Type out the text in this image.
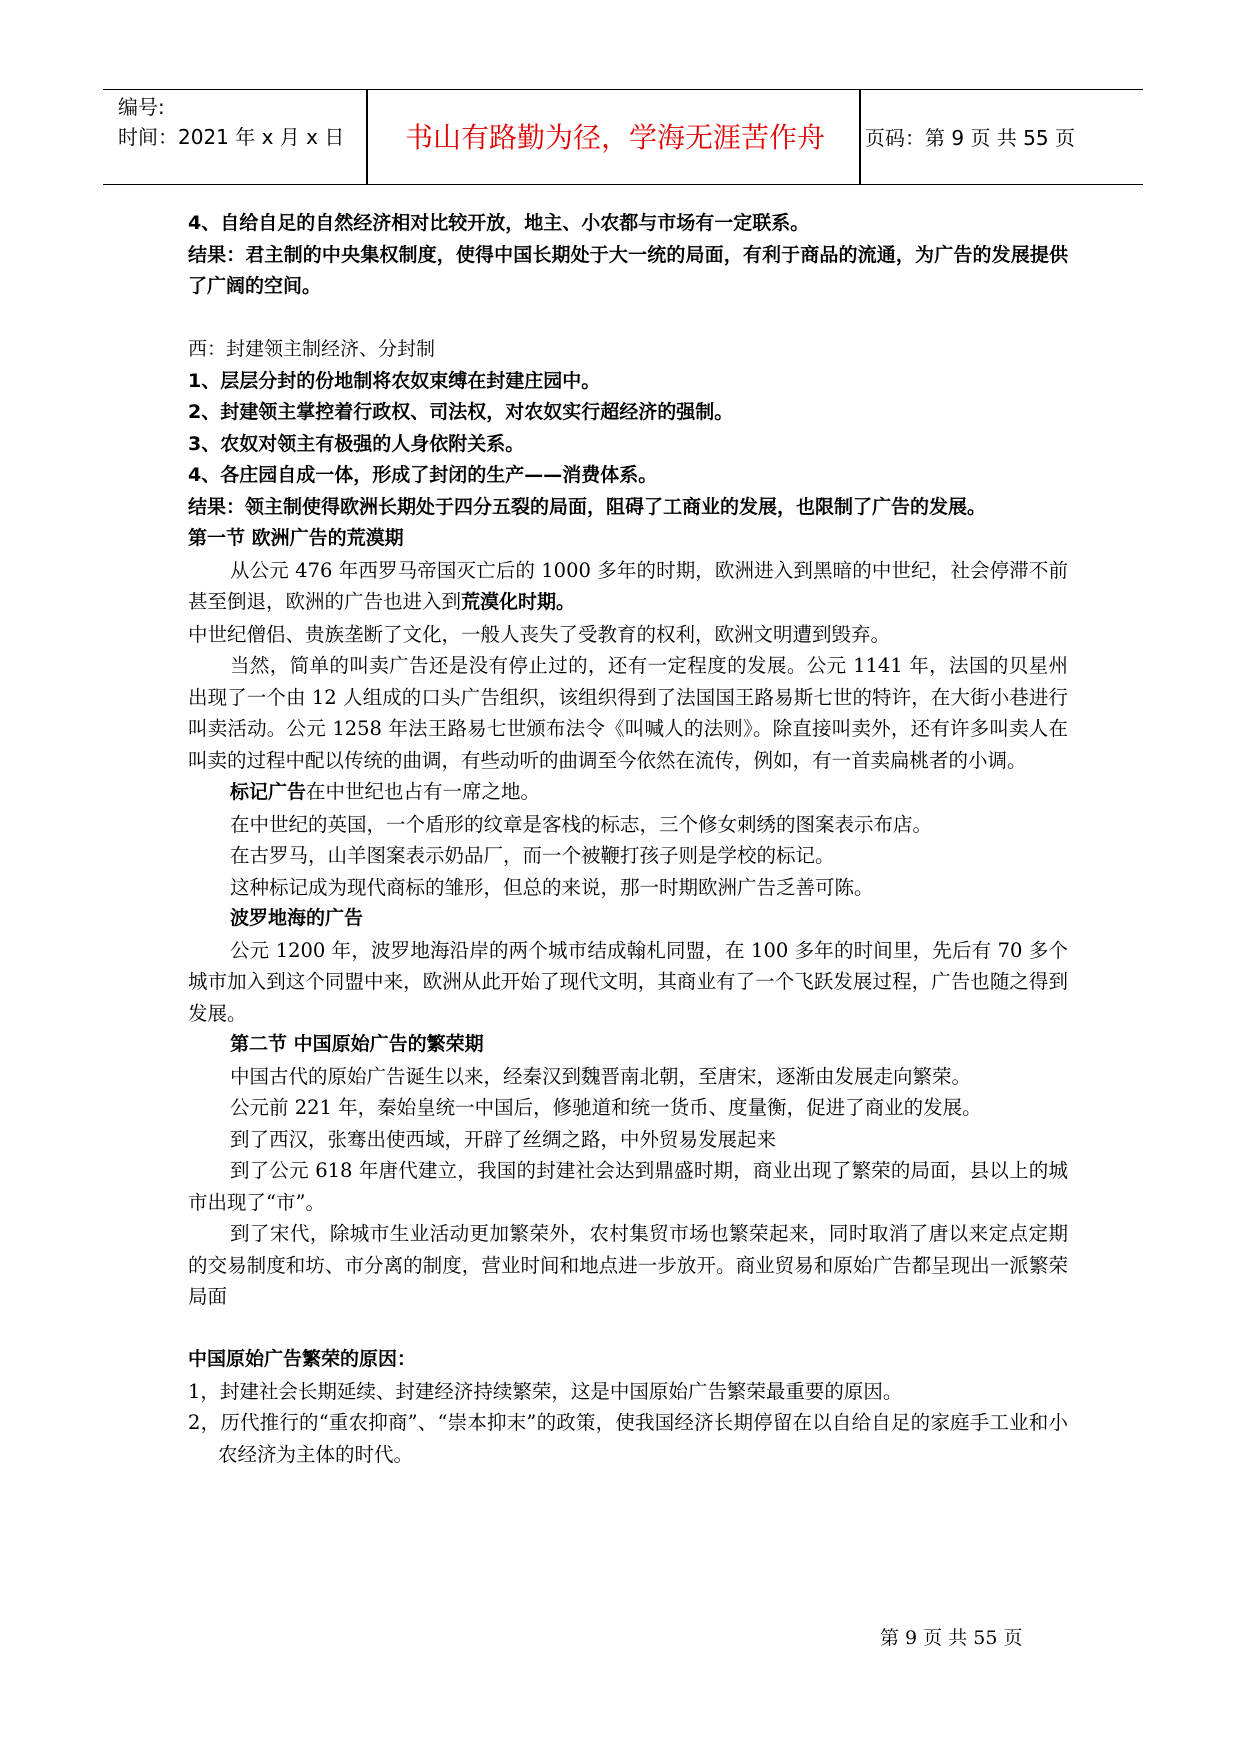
编号:
时间：2021 年 x 月 x 日	书山有路勤为径，学海无涯苦作舟	页码：第 9 页 共 55 页

4、自给自足的自然经济相对比较开放，地主、小农都与市场有一定联系。

结果：君主制的中央集权制度，使得中国长期处于大一统的局面，有利于商品的流通，为广告的发展提供了广阔的空间。

西：封建领主制经济、分封制

1、层层分封的份地制将农奴束缚在封建庄园中。

2、封建领主掌控着行政权、司法权，对农奴实行超经济的强制。

3、农奴对领主有极强的人身依附关系。

4、各庄园自成一体，形成了封闭的生产——消费体系。

结果：领主制使得欧洲长期处于四分五裂的局面，阻碍了工商业的发展，也限制了广告的发展。

第一节 欧洲广告的荒漠期

从公元 476 年西罗马帝国灭亡后的 1000 多年的时期，欧洲进入到黑暗的中世纪，社会停滞不前甚至倒退，欧洲的广告也进入到荒漠化时期。

中世纪僧侣、贵族垄断了文化，一般人丧失了受教育的权利，欧洲文明遭到毁弃。

当然，简单的叫卖广告还是没有停止过的，还有一定程度的发展。公元 1141 年，法国的贝星州出现了一个由 12 人组成的口头广告组织，该组织得到了法国国王路易斯七世的特许，在大街小巷进行叫卖活动。公元 1258 年法王路易七世颁布法令《叫喊人的法则》。除直接叫卖外，还有许多叫卖人在叫卖的过程中配以传统的曲调，有些动听的曲调至今依然在流传，例如，有一首卖扁桃者的小调。

标记广告在中世纪也占有一席之地。

在中世纪的英国，一个盾形的纹章是客栈的标志，三个修女刺绣的图案表示布店。

在古罗马，山羊图案表示奶品厂，而一个被鞭打孩子则是学校的标记。

这种标记成为现代商标的雏形，但总的来说，那一时期欧洲广告乏善可陈。

波罗地海的广告

公元 1200 年，波罗地海沿岸的两个城市结成翰札同盟，在 100 多年的时间里，先后有 70 多个城市加入到这个同盟中来，欧洲从此开始了现代文明，其商业有了一个飞跃发展过程，广告也随之得到发展。

第二节 中国原始广告的繁荣期

中国古代的原始广告诞生以来，经秦汉到魏晋南北朝，至唐宋，逐渐由发展走向繁荣。

公元前 221 年，秦始皇统一中国后，修驰道和统一货币、度量衡，促进了商业的发展。

到了西汉，张骞出使西域，开辟了丝绸之路，中外贸易发展起来

到了公元 618 年唐代建立，我国的封建社会达到鼎盛时期，商业出现了繁荣的局面，县以上的城市出现了“市”。

到了宋代，除城市生业活动更加繁荣外，农村集贸市场也繁荣起来，同时取消了唐以来定点定期的交易制度和坊、市分离的制度，营业时间和地点进一步放开。商业贸易和原始广告都呈现出一派繁荣局面

中国原始广告繁荣的原因：

1，封建社会长期延续、封建经济持续繁荣，这是中国原始广告繁荣最重要的原因。

2，历代推行的“重农抑商”、“崇本抑末”的政策，使我国经济长期停留在以自给自足的家庭手工业和小农经济为主体的时代。

第 9 页 共 55 页
